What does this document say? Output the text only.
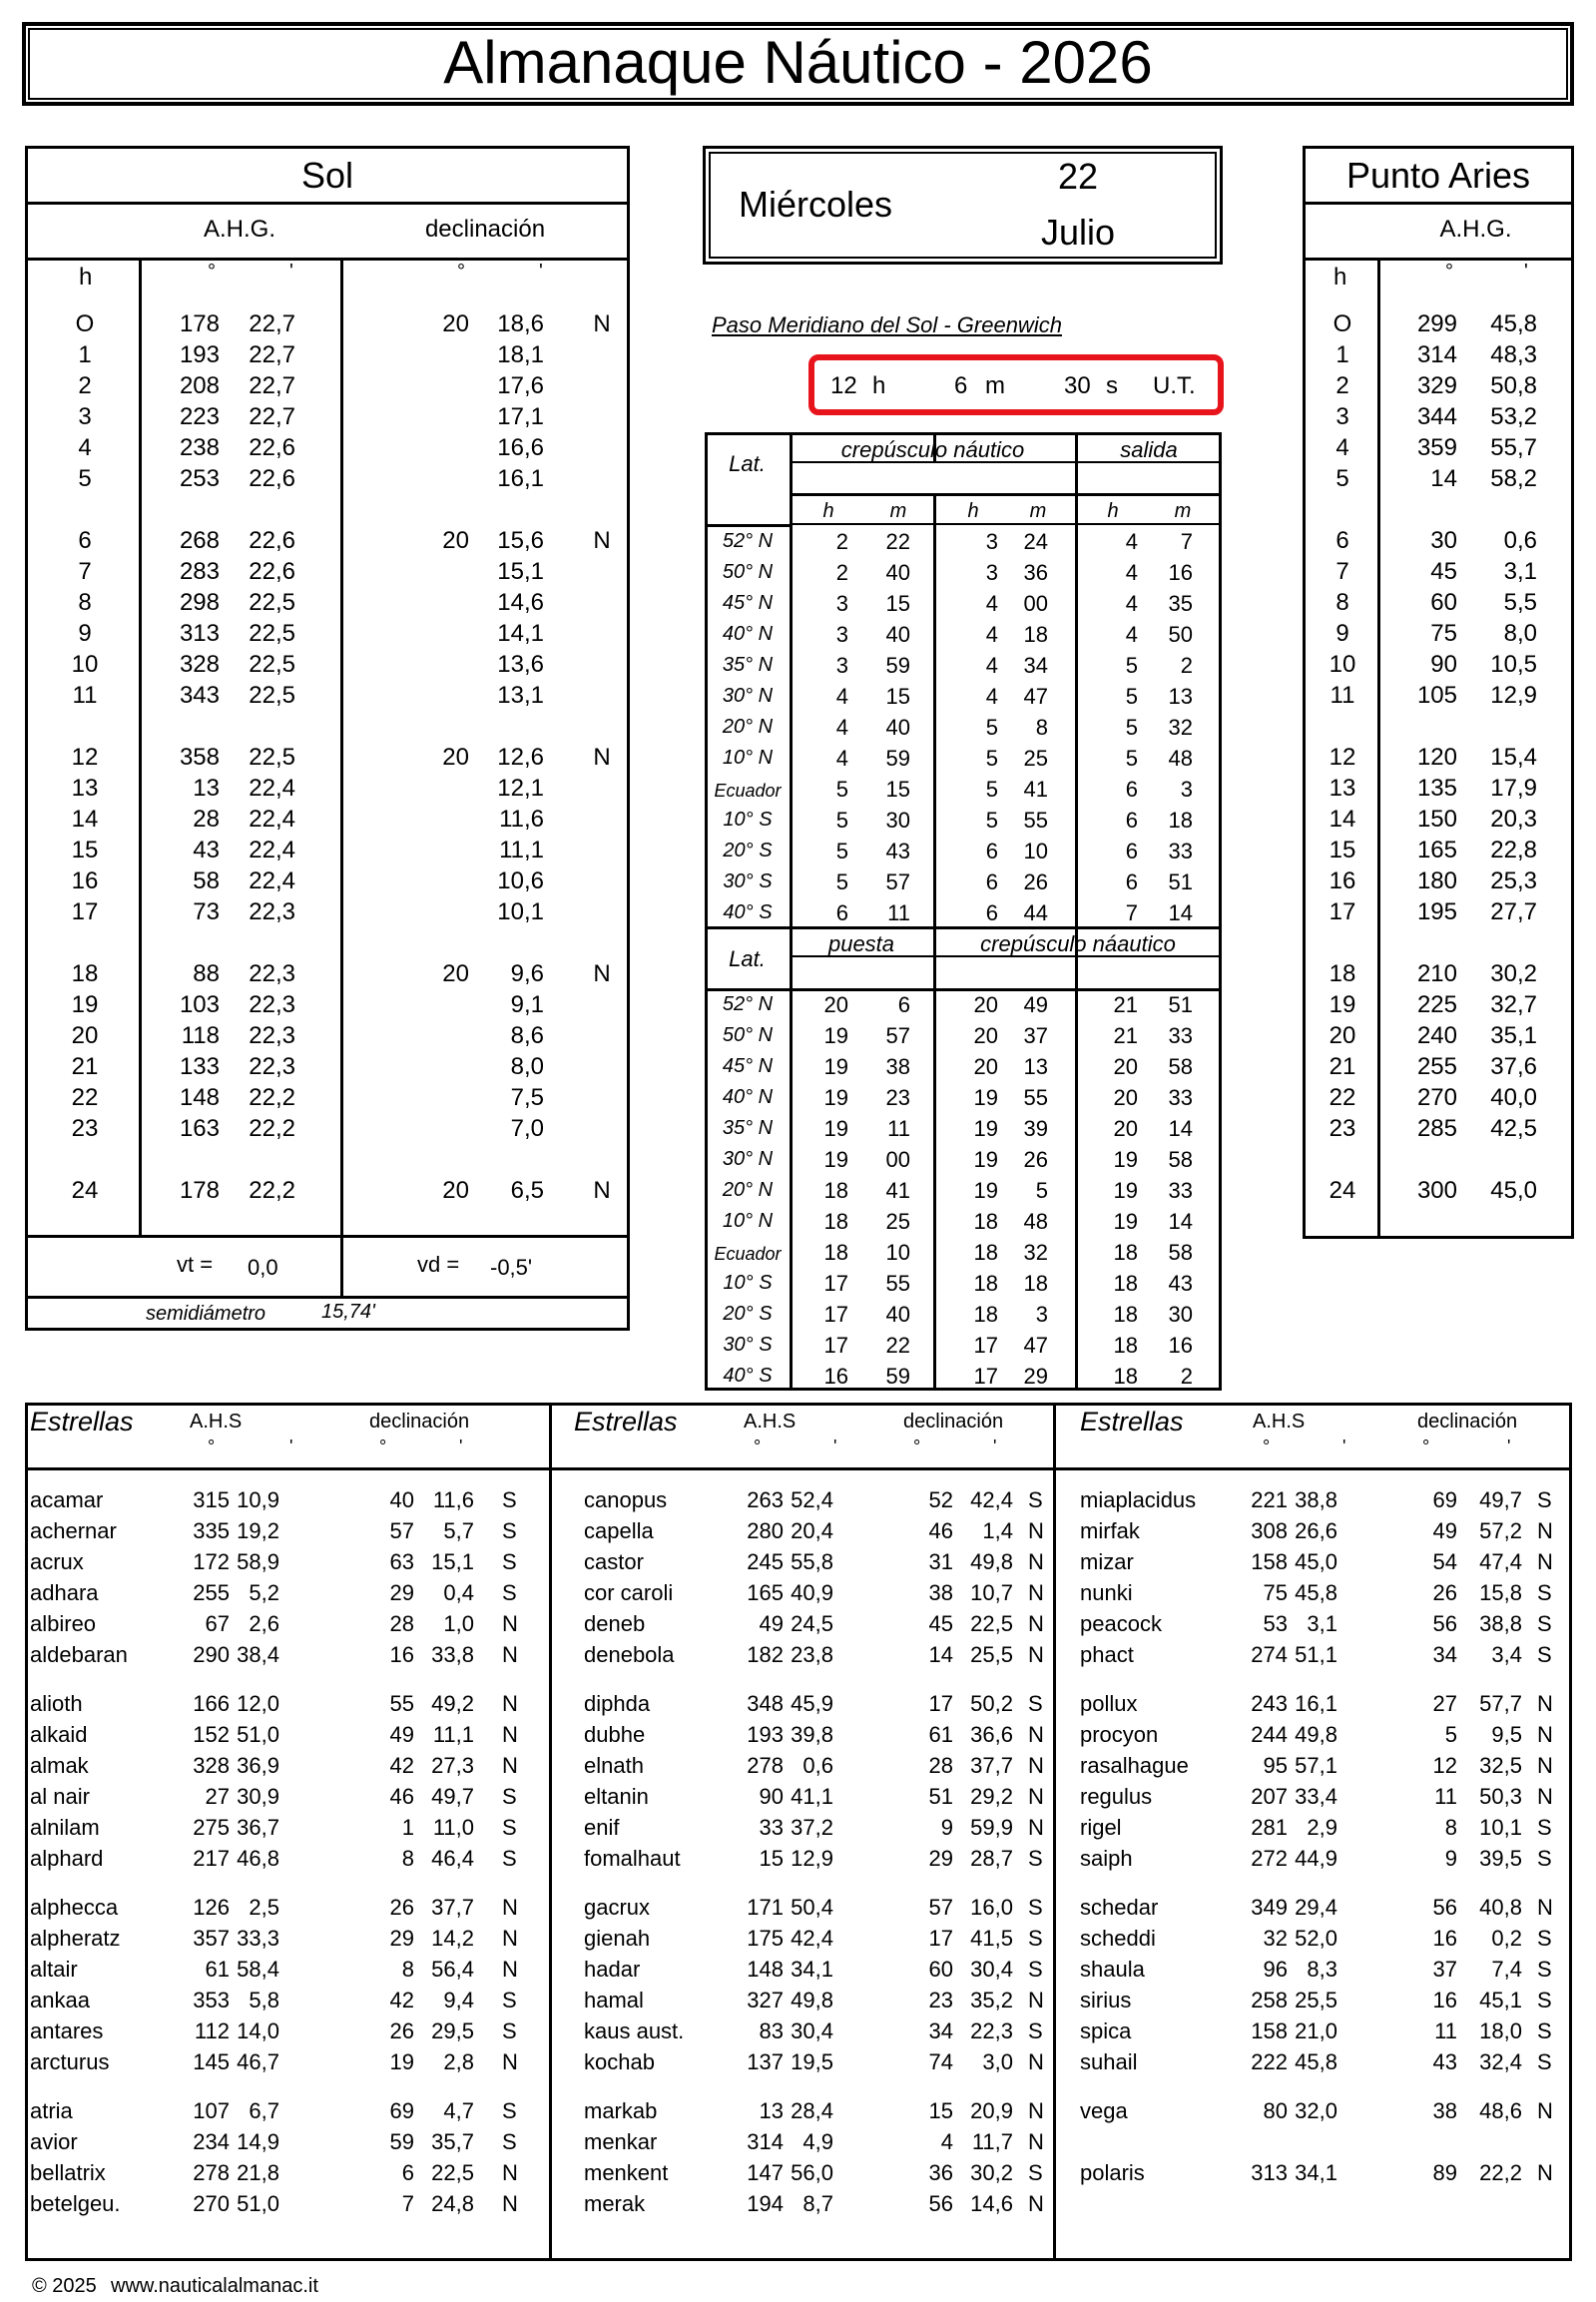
Almanaque Náutico - 2026
Sol
A.H.G.	declinación
h	°	'	°	'
O	178	22,7	20	18,6 N
1	193	22,7	18,1
2	208	22,7	17,6
3	223	22,7	17,1
4	238	22,6	16,6
5	253	22,6	16,1
6	268	22,6	20	15,6 N
7	283	22,6	15,1
8	298	22,5	14,6
9	313	22,5	14,1
10	328	22,5	13,6
11	343	22,5	13,1
12	358	22,5	20	12,6 N
13	13	22,4	12,1
14	28	22,4	11,6
15	43	22,4	11,1
16	58	22,4	10,6
17	73	22,3	10,1
18	88	22,3	20	9,6 N
19	103	22,3	9,1
20	118	22,3	8,6
21	133	22,3	8,0
22	148	22,2	7,5
23	163	22,2	7,0
24	178	22,2	20	6,5 N
vt = 0,0	vd = -0,5'
semidiámetro	15,74'
Miércoles
22
Julio
Paso Meridiano del Sol - Greenwich
12 h	6 m 30 s U.T.
Lat.
crepúsculo náutico	salida
h	m	h	m	h	m
52° N	2	22	3	24	4	7
50° N	2	40	3	36	4	16
45° N	3	15	4	00	4	35
40° N	3	40	4	18	4	50
35° N	3	59	4	34	5	2
30° N	4	15	4	47	5	13
20° N	4	40	5	8	5	32
10° N	4	59	5	25	5	48
Ecuador	5	15	5	41	6	3
10° S	5	30	5	55	6	18
20° S	5	43	6	10	6	33
30° S	5	57	6	26	6	51
40° S	6	11	6	44	7	14
Lat.
puesta	crepúsculo náautico
52° N	20	6	20	49	21	51
50° N	19	57	20	37	21	33
45° N	19	38	20	13	20	58
40° N	19	23	19	55	20	33
35° N	19	11	19	39	20	14
30° N	19	00	19	26	19	58
20° N	18	41	19	5	19	33
10° N	18	25	18	48	19	14
Ecuador 18	10	18	32	18	58
10° S	17	55	18	18	18	43
20° S	17	40	18	3	18	30
30° S	17	22	17	47	18	16
40° S	16	59	17	29	18	2
Punto Aries
A.H.G.
h	°	'
O	299	45,8
1	314	48,3
2	329	50,8
3	344	53,2
4	359	55,7
5	14	58,2
6	30	0,6
7	45	3,1
8	60	5,5
9	75	8,0
10	90	10,5
11	105	12,9
12	120	15,4
13	135	17,9
14	150	20,3
15	165	22,8
16	180	25,3
17	195	27,7
18	210	30,2
19	225	32,7
20	240	35,1
21	255	37,6
22	270	40,0
23	285	42,5
24	300	45,0
Estrellas	A.H.S	declinación
°	'	°	'
Estrellas	A.H.S	declinación
°	'	°	'
Estrellas	A.H.S	declinación
°	'	°	'
acamar	315 10,9	40 11,6 S
achernar	335 19,2	57	5,7 S
acrux	172 58,9	63 15,1 S
adhara	255 5,2	29	0,4 S
albireo	67 2,6	28	1,0 N
aldebaran	290 38,4	16 33,8 N
alioth	166 12,0	55 49,2 N
alkaid	152 51,0	49 11,1 N
almak	328 36,9	42 27,3 N
al nair	27 30,9	46 49,7 S
alnilam	275 36,7	1 11,0 S
alphard	217 46,8	8 46,4 S
alphecca	126 2,5	26 37,7 N
alpheratz	357 33,3	29 14,2 N
altair	61 58,4	8 56,4 N
ankaa	353 5,8	42	9,4 S
antares	112 14,0	26 29,5 S
arcturus	145 46,7	19	2,8 N
atria	107 6,7	69	4,7 S
avior	234 14,9	59 35,7 S
bellatrix	278 21,8	6 22,5 N
betelgeu.	270 51,0	7 24,8 N
canopus	263 52,4	52 42,4 S
capella	280 20,4	46	1,4 N
castor	245 55,8	31 49,8 N
cor caroli	165 40,9	38 10,7 N
deneb	49 24,5	45 22,5 N
denebola	182 23,8	14 25,5 N
diphda	348 45,9	17 50,2 S
dubhe	193 39,8	61 36,6 N
elnath	278 0,6	28 37,7 N
eltanin	90 41,1	51 29,2 N
enif	33 37,2	9 59,9 N
fomalhaut	15 12,9	29 28,7 S
gacrux	171 50,4	57 16,0 S
gienah	175 42,4	17 41,5 S
hadar	148 34,1	60 30,4 S
hamal	327 49,8	23 35,2 N
kaus aust.	83 30,4	34 22,3 S
kochab	137 19,5	74	3,0 N
markab	13 28,4	15 20,9 N
menkar	314 4,9	4 11,7 N
menkent	147 56,0	36 30,2 S
merak	194 8,7	56 14,6 N
miaplacidus	221 38,8	69	49,7 S
mirfak	308 26,6	49	57,2 N
mizar	158 45,0	54	47,4 N
nunki	75 45,8	26	15,8 S
peacock	53 3,1	56	38,8 S
phact	274 51,1	34	3,4 S
pollux	243 16,1	27	57,7 N
procyon	244 49,8	5	9,5 N
rasalhague	95 57,1	12	32,5 N
regulus	207 33,4	11	50,3 N
rigel	281 2,9	8	10,1 S
saiph	272 44,9	9	39,5 S
schedar	349 29,4	56	40,8 N
scheddi	32 52,0	16	0,2 S
shaula	96 8,3	37	7,4 S
sirius	258 25,5	16	45,1 S
spica	158 21,0	11	18,0 S
suhail	222 45,8	43	32,4 S
vega	80 32,0	38	48,6 N
polaris	313 34,1	89	22,2 N
© 2025 www.nauticalalmanac.it
